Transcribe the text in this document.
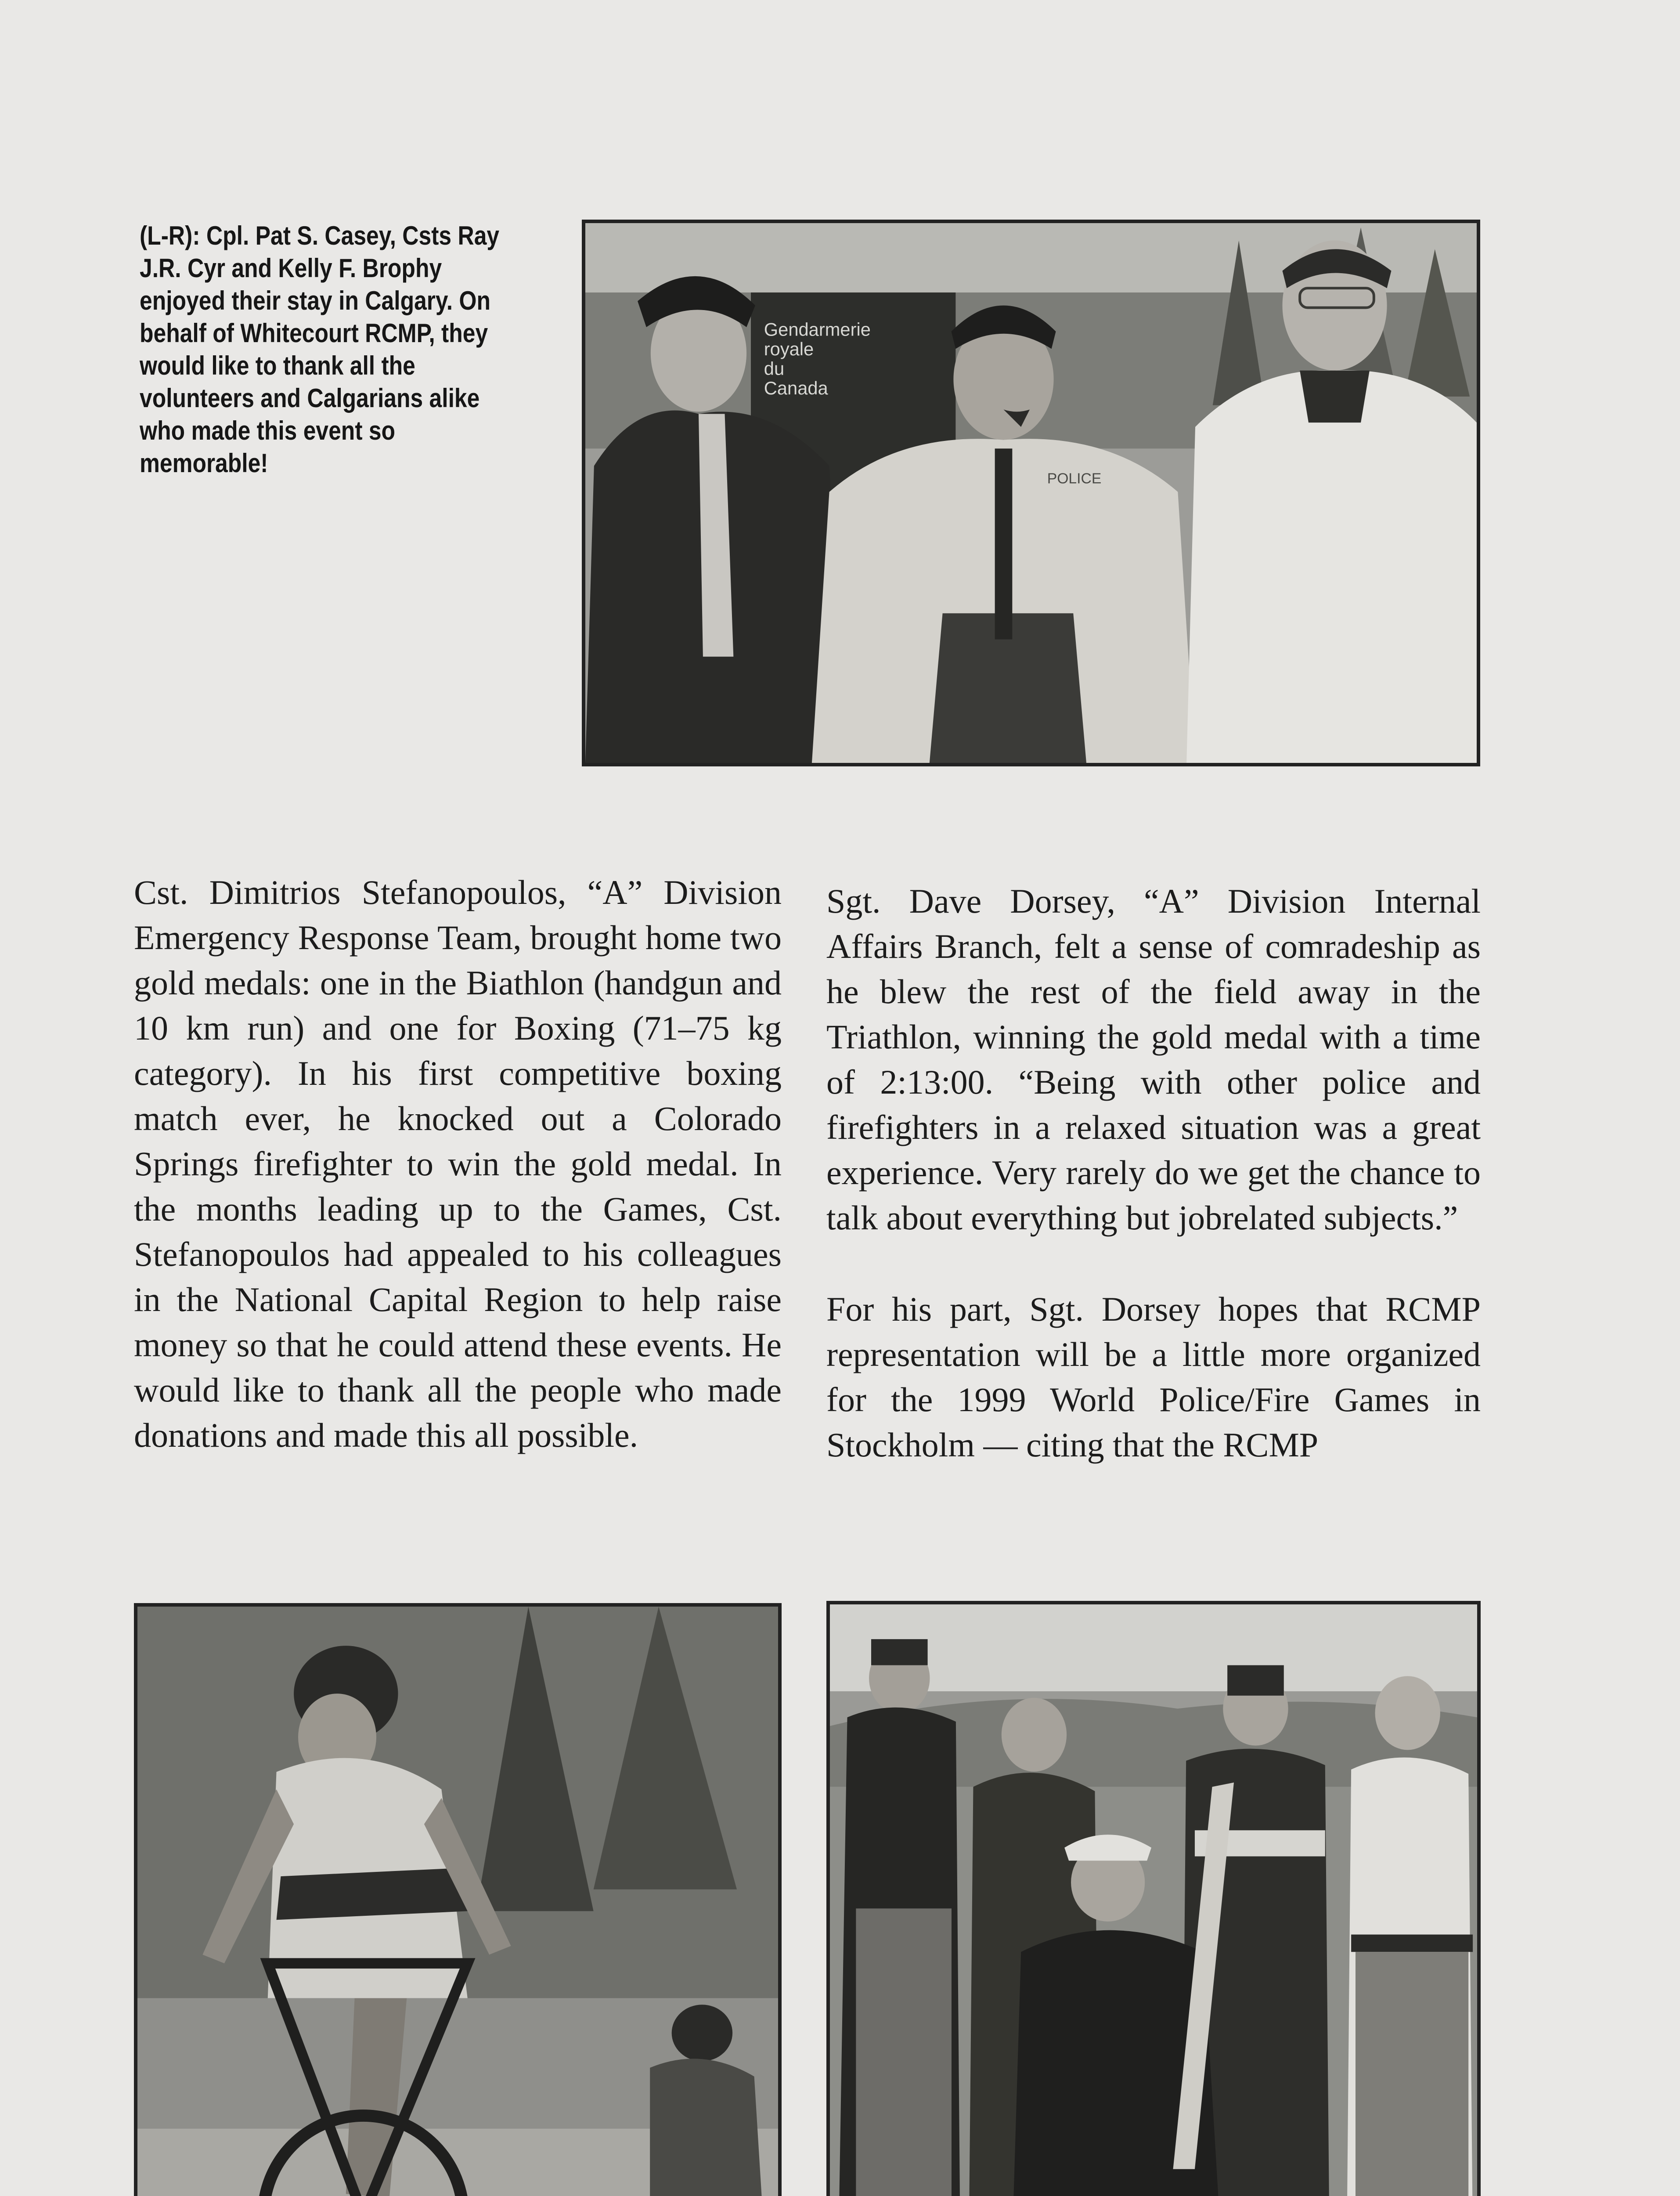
(L-R): Cpl. Pat S. Casey, Csts Ray J.R. Cyr and Kelly F. Brophy enjoyed their stay in Calgary. On behalf of Whitecourt RCMP, they would like to thank all the volunteers and Calgarians alike who made this event so memorable!
Gendarmerie
royale
du
Canada
POLICE

Cst. Dimitrios Stefanopoulos, “A” Division Emergency Response Team, brought home two gold medals: one in the Biathlon (handgun and 10 km run) and one for Boxing (71–75 kg category). In his first competitive boxing match ever, he knocked out a Colorado Springs firefighter to win the gold medal. In the months leading up to the Games, Cst. Stefanopoulos had appealed to his colleagues in the National Capital Region to help raise money so that he could attend these events. He would like to thank all the people who made donations and made this all possible.

Sgt. Dave Dorsey, “A” Division Internal Affairs Branch, felt a sense of comradeship as he blew the rest of the field away in the Triathlon, winning the gold medal with a time of 2:13:00. “Being with other police and firefighters in a relaxed situation was a great experience. Very rarely do we get the chance to talk about everything but jobrelated subjects.”

For his part, Sgt. Dorsey hopes that RCMP representation will be a little more organized for the 1999 World Police/Fire Games in Stockholm — citing that the RCMP
